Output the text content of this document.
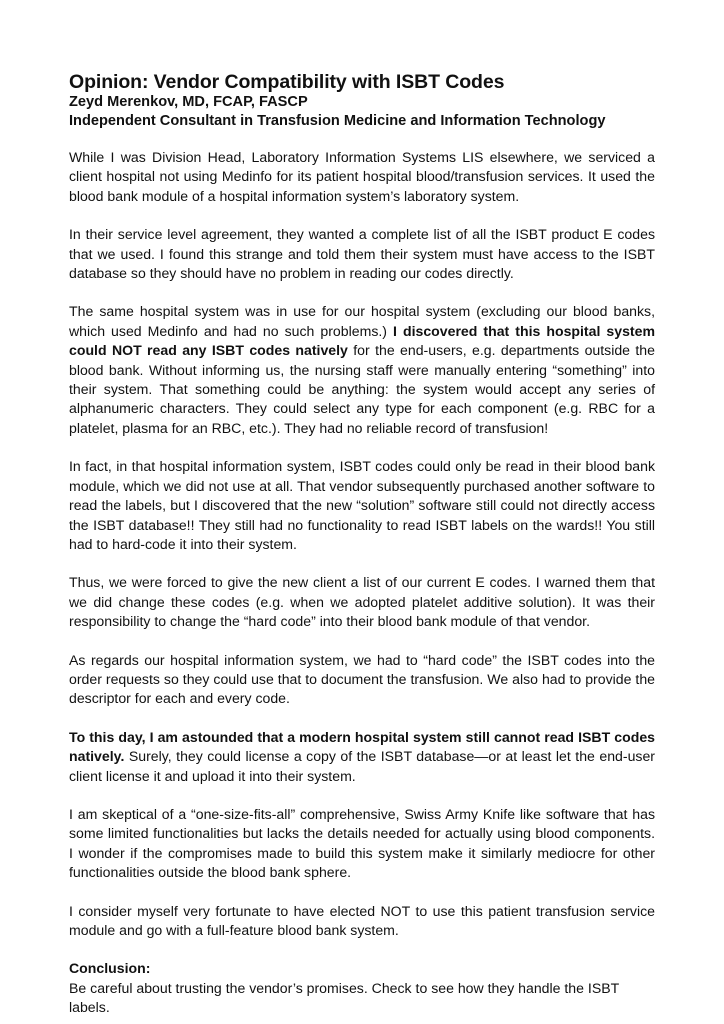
Opinion: Vendor Compatibility with ISBT Codes

Zeyd Merenkov, MD, FCAP, FASCP

Independent Consultant in Transfusion Medicine and Information Technology

While I was Division Head, Laboratory Information Systems LIS elsewhere, we serviced a client hospital not using Medinfo for its patient hospital blood/transfusion services. It used the blood bank module of a hospital information system’s laboratory system.

In their service level agreement, they wanted a complete list of all the ISBT product E codes that we used. I found this strange and told them their system must have access to the ISBT database so they should have no problem in reading our codes directly.

The same hospital system was in use for our hospital system (excluding our blood banks, which used Medinfo and had no such problems.) I discovered that this hospital system could NOT read any ISBT codes natively for the end-users, e.g. departments outside the blood bank. Without informing us, the nursing staff were manually entering “something” into their system. That something could be anything: the system would accept any series of alphanumeric characters. They could select any type for each component (e.g. RBC for a platelet, plasma for an RBC, etc.). They had no reliable record of transfusion!

In fact, in that hospital information system, ISBT codes could only be read in their blood bank module, which we did not use at all. That vendor subsequently purchased another software to read the labels, but I discovered that the new “solution” software still could not directly access the ISBT database!! They still had no functionality to read ISBT labels on the wards!! You still had to hard-code it into their system.

Thus, we were forced to give the new client a list of our current E codes. I warned them that we did change these codes (e.g. when we adopted platelet additive solution). It was their responsibility to change the “hard code” into their blood bank module of that vendor.

As regards our hospital information system, we had to “hard code” the ISBT codes into the order requests so they could use that to document the transfusion. We also had to provide the descriptor for each and every code.

To this day, I am astounded that a modern hospital system still cannot read ISBT codes natively. Surely, they could license a copy of the ISBT database—or at least let the end-user client license it and upload it into their system.

I am skeptical of a “one-size-fits-all” comprehensive, Swiss Army Knife like software that has some limited functionalities but lacks the details needed for actually using blood components. I wonder if the compromises made to build this system make it similarly mediocre for other functionalities outside the blood bank sphere.

I consider myself very fortunate to have elected NOT to use this patient transfusion service module and go with a full-feature blood bank system.

Conclusion:

Be careful about trusting the vendor’s promises. Check to see how they handle the ISBT labels.
